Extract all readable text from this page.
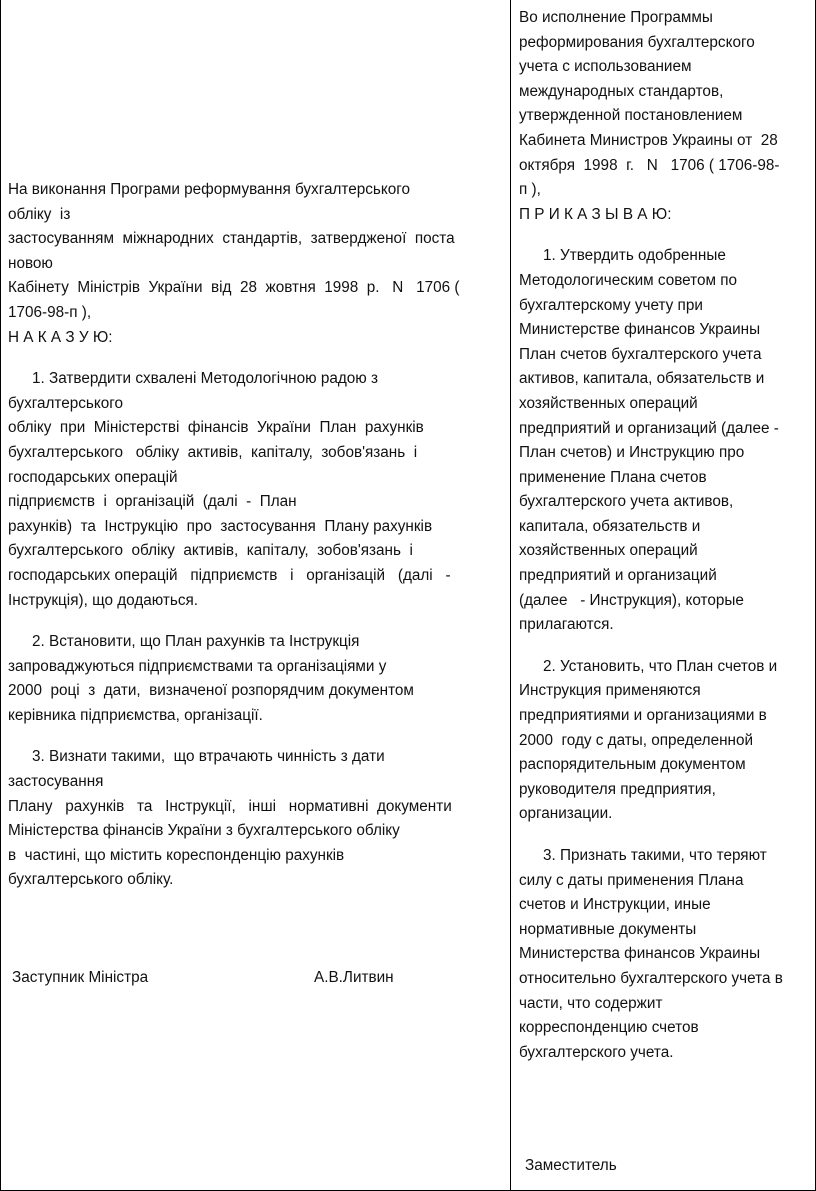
На виконання Програми реформування бухгалтерського
обліку  із
застосуванням  міжнародних  стандартів,  затвердженої  поста
новою
Кабінету  Міністрів  України  від  28  жовтня  1998  р.   N   1706 (
1706-98-п ),
Н А К А З У Ю:
1. Затвердити схвалені Методологічною радою з
бухгалтерського
обліку  при  Міністерстві  фінансів  України  План  рахунків
бухгалтерського   обліку  активів,  капіталу,  зобов'язань  і
господарських операцій
підприємств  і  організацій  (далі  -  План
рахунків)  та  Інструкцію  про  застосування  Плану рахунків
бухгалтерського  обліку  активів,  капіталу,  зобов'язань  і
господарських операцій   підприємств   і   організацій   (далі   -
Інструкція), що додаються.
2. Встановити, що План рахунків та Інструкція
запроваджуються підприємствами та організаціями у
2000  році  з  дати,  визначеної розпорядчим документом
керівника підприємства, організації.
3. Визнати такими,  що втрачають чинність з дати
застосування
Плану   рахунків   та   Інструкції,   інші   нормативні  документи
Міністерства фінансів України з бухгалтерського обліку
в  частині, що містить кореспонденцію рахунків
бухгалтерського обліку.
Заступник Міністра	А.В.Литвин
Во исполнение Программы
реформирования бухгалтерского
учета с использованием
международных стандартов,
утвержденной постановлением
Кабинета Министров Украины от  28
октября  1998  г.   N   1706 ( 1706-98-
п ),
П Р И К А З Ы В А Ю:
1. Утвердить одобренные
Методологическим советом по
бухгалтерскому учету при
Министерстве финансов Украины
План счетов бухгалтерского учета
активов, капитала, обязательств и
хозяйственных операций
предприятий и организаций (далее -
План счетов) и Инструкцию про
применение Плана счетов
бухгалтерского учета активов,
капитала, обязательств и
хозяйственных операций
предприятий и организаций
(далее   - Инструкция), которые
прилагаются.
2. Установить, что План счетов и
Инструкция применяются
предприятиями и организациями в
2000  году с даты, определенной
распорядительным документом
руководителя предприятия,
организации.
3. Признать такими, что теряют
силу с даты применения Плана
счетов и Инструкции, иные
нормативные документы
Министерства финансов Украины
относительно бухгалтерского учета в
части, что содержит
корреспонденцию счетов
бухгалтерского учета.
Заместитель
